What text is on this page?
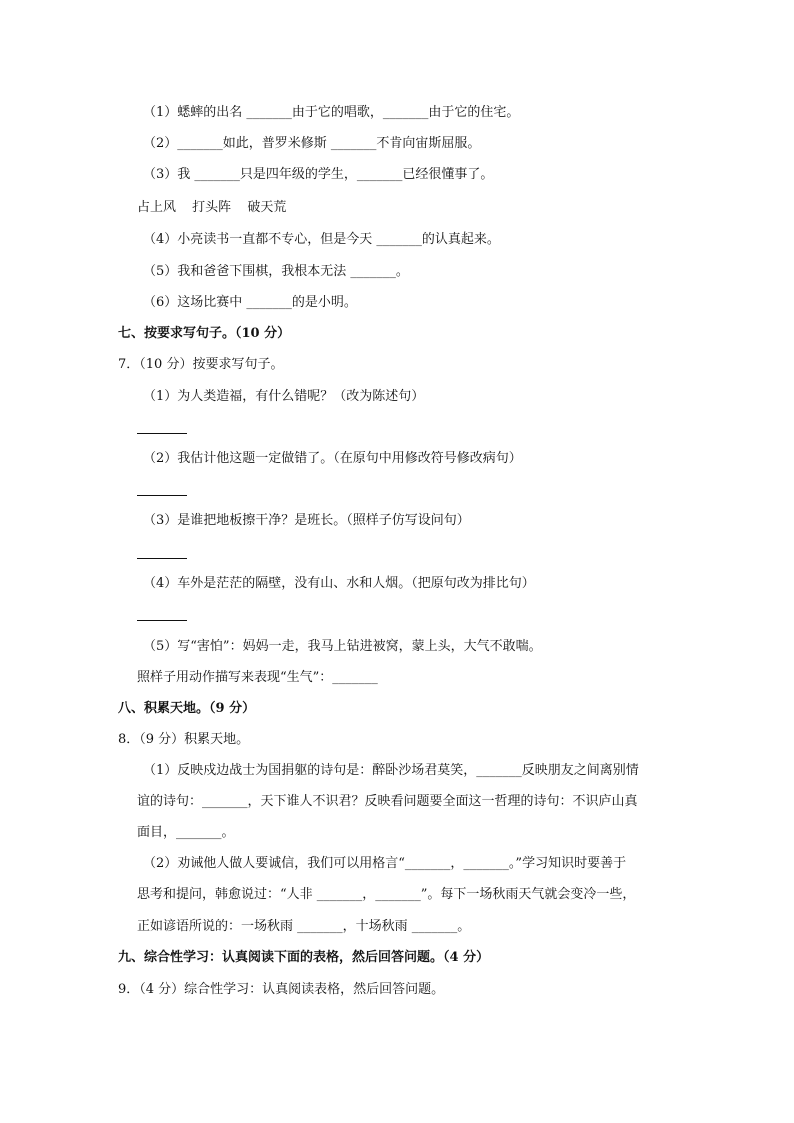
（1）蟋蟀的出名 _______由于它的唱歌，_______由于它的住宅。
（2）_______如此，普罗米修斯 _______不肯向宙斯屈服。
（3）我 _______只是四年级的学生，_______已经很懂事了。
占上风 打头阵 破天荒
（4）小亮读书一直都不专心，但是今天 _______的认真起来。
（5）我和爸爸下围棋，我根本无法 _______。
（6）这场比赛中 _______的是小明。
七、按要求写句子。（10 分）
7．（10 分）按要求写句子。
（1）为人类造福，有什么错呢？（改为陈述句）
（2）我估计他这题一定做错了。（在原句中用修改符号修改病句）
（3）是谁把地板擦干净？是班长。（照样子仿写设问句）
（4）车外是茫茫的隔壁，没有山、水和人烟。（把原句改为排比句）
（5）写“害怕”：妈妈一走，我马上钻进被窝，蒙上头，大气不敢喘。
照样子用动作描写来表现“生气”：_______
八、积累天地。（9 分）
8．（9 分）积累天地。
（1）反映戍边战士为国捐躯的诗句是：醉卧沙场君莫笑，_______反映朋友之间离别情
谊的诗句：_______，天下谁人不识君？反映看问题要全面这一哲理的诗句：不识庐山真
面目，_______。
（2）劝诫他人做人要诚信，我们可以用格言“_______，_______。”学习知识时要善于
思考和提问，韩愈说过：“人非 _______，_______”。每下一场秋雨天气就会变冷一些，
正如谚语所说的：一场秋雨 _______，十场秋雨 _______。
九、综合性学习：认真阅读下面的表格，然后回答问题。（4 分）
9．（4 分）综合性学习：认真阅读表格，然后回答问题。
